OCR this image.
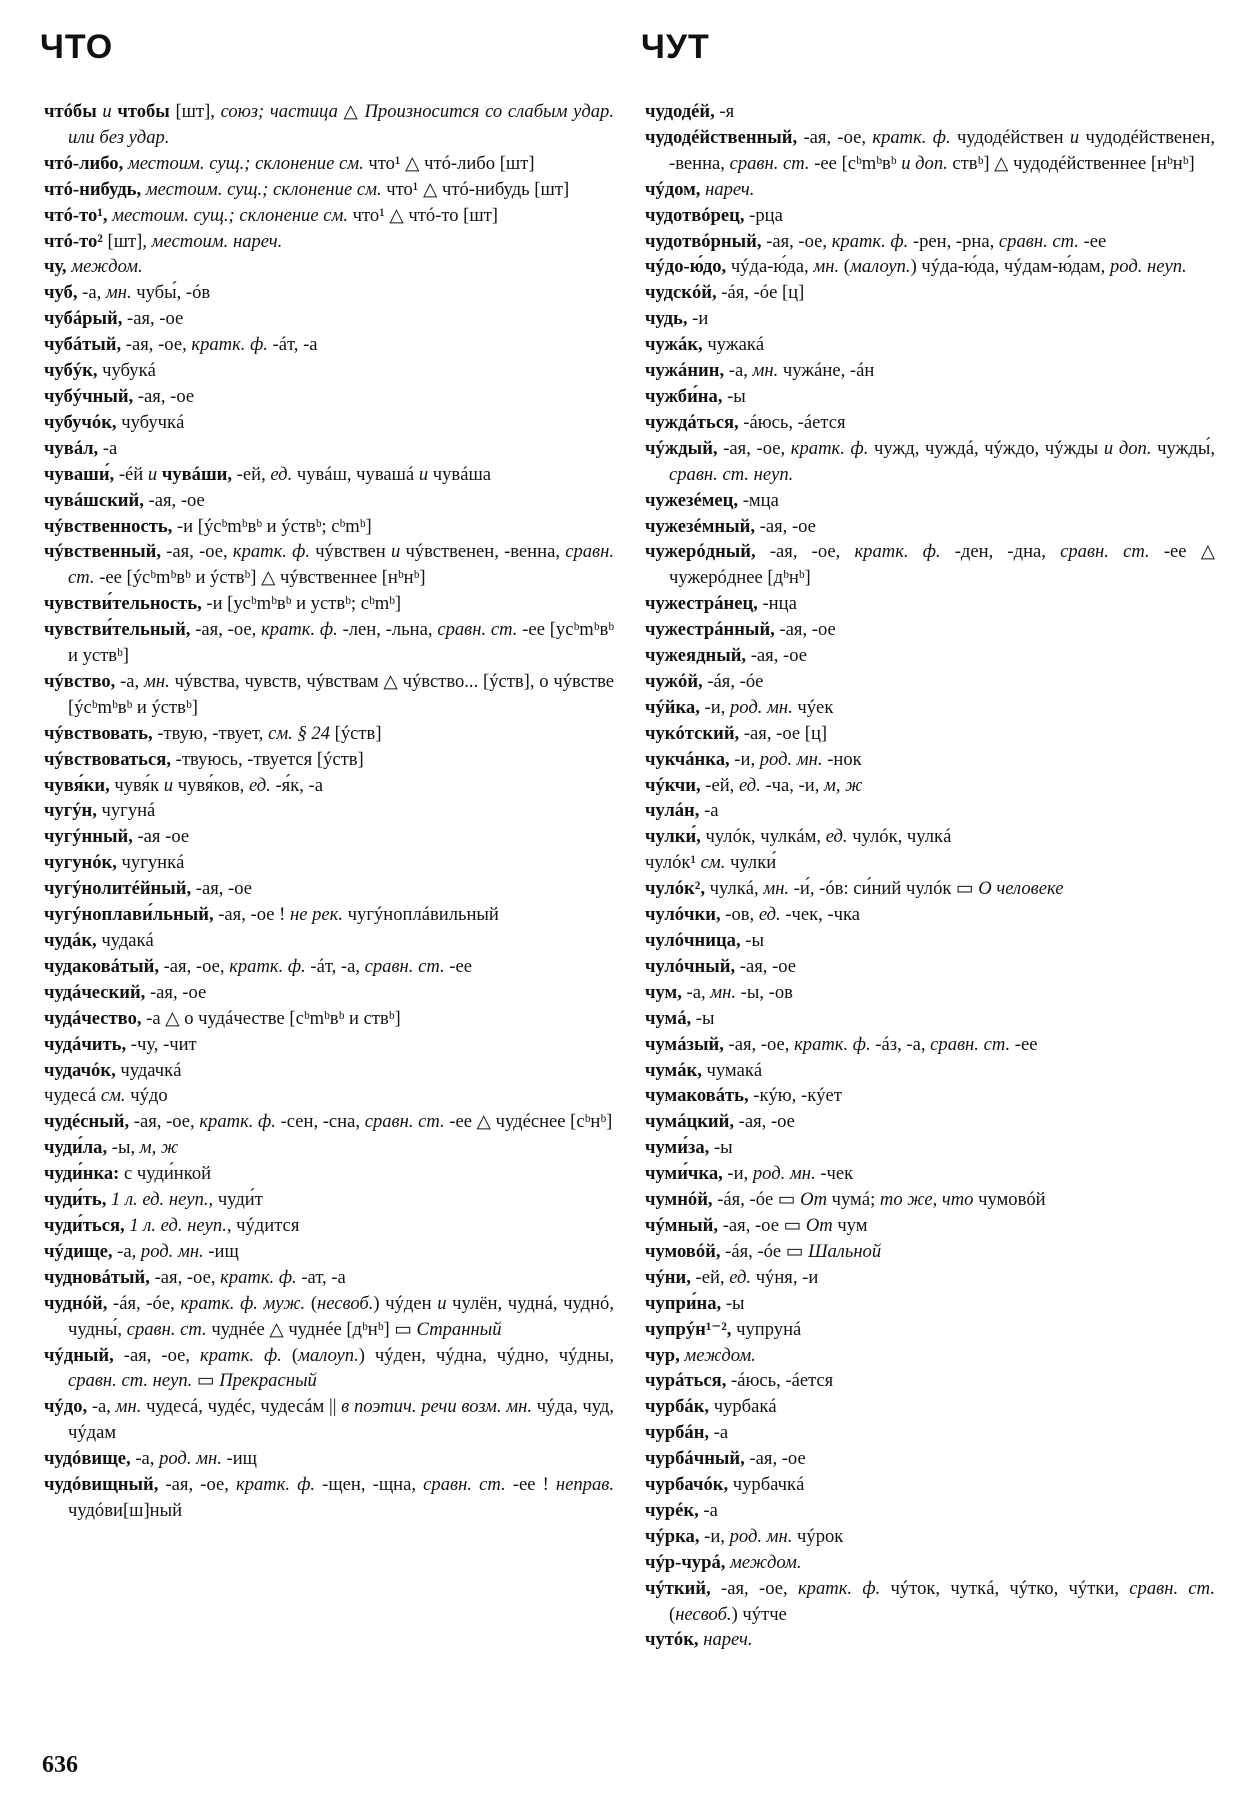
ЧТО	ЧУТ

чтóбы и чтобы [шт], союз; частица △ Произносится со слабым удар. или без удар.

чтó-либо, местоим. сущ.; склонение см. что¹ △ чтó-либо [шт]

чтó-нибудь, местоим. сущ.; склонение см. что¹ △ чтó-нибудь [шт]

чтó-то¹, местоим. сущ.; склонение см. что¹ △ чтó-то [шт]

чтó-то² [шт], местоим. нареч.

чу, междом.

чуб, -а, мн. чубы́, -óв

чубáрый, -ая, -ое

чубáтый, -ая, -ое, кратк. ф. -áт, -а

чубýк, чубукá

чубýчный, -ая, -ое

чубучóк, чубучкá

чувáл, -а

чуваши́, -éй и чувáши, -ей, ед. чувáш, чувашá и чувáша

чувáшский, -ая, -ое

чýвственность, -и [ýсᵇmᵇвᵇ и ýствᵇ; сᵇmᵇ]

чýвственный, -ая, -ое, кратк. ф. чýвствен и чýвственен, -венна, сравн. ст. -ее [ýсᵇmᵇвᵇ и ýствᵇ] △ чýвственнее [нᵇнᵇ]

чувстви́тельность, -и [усᵇmᵇвᵇ и уствᵇ; сᵇmᵇ]

чувстви́тельный, -ая, -ое, кратк. ф. -лен, -льна, сравн. ст. -ее [усᵇmᵇвᵇ и уствᵇ]

чýвство, -а, мн. чýвства, чувств, чýвствам △ чýвство... [ýств], о чýвстве [ýсᵇmᵇвᵇ и ýствᵇ]

чýвствовать, -твую, -твует, см. § 24 [ýств]

чýвствоваться, -твуюсь, -твуется [ýств]

чувя́ки, чувя́к и чувя́ков, ед. -я́к, -а

чугýн, чугунá

чугýнный, -ая -ое

чугунóк, чугункá

чугýнолитéйный, -ая, -ое

чугýноплави́льный, -ая, -ое ! не рек. чугýноплáвильный

чудáк, чудакá

чудаковáтый, -ая, -ое, кратк. ф. -áт, -а, сравн. ст. -ее

чудáческий, -ая, -ое

чудáчество, -а △ о чудáчестве [сᵇmᵇвᵇ и ствᵇ]

чудáчить, -чу, -чит

чудачóк, чудачкá

чудесá см. чýдо

чудéсный, -ая, -ое, кратк. ф. -сен, -сна, сравн. ст. -ее △ чудéснее [сᵇнᵇ]

чуди́ла, -ы, м, ж

чуди́нка: с чуди́нкой

чуди́ть, 1 л. ед. неуп., чуди́т

чуди́ться, 1 л. ед. неуп., чýдится

чýдище, -а, род. мн. -ищ

чудновáтый, -ая, -ое, кратк. ф. -ат, -а

чуднóй, -áя, -óе, кратк. ф. муж. (несвоб.) чýден и чулён, чуднá, чуднó, чудны́, сравн. ст. чуднéе △ чуднéе [дᵇнᵇ] ▭ Странный

чýдный, -ая, -ое, кратк. ф. (малоуп.) чýден, чýдна, чýдно, чýдны, сравн. ст. неуп. ▭ Прекрасный

чýдо, -а, мн. чудесá, чудéс, чудесáм || в поэтич. речи возм. мн. чýда, чуд, чýдам

чудóвище, -а, род. мн. -ищ

чудóвищный, -ая, -ое, кратк. ф. -щен, -щна, сравн. ст. -ее ! неправ. чудóви[ш]ный

чудодéй, -я

чудодéйственный, -ая, -ое, кратк. ф. чудодéйствен и чудодéйственен, -венна, сравн. ст. -ее [сᵇmᵇвᵇ и доп. ствᵇ] △ чудодéйственнее [нᵇнᵇ]

чýдом, нареч.

чудотвóрец, -рца

чудотвóрный, -ая, -ое, кратк. ф. -рен, -рна, сравн. ст. -ее

чýдо-ю́до, чýда-ю́да, мн. (малоуп.) чýда-ю́да, чýдам-ю́дам, род. неуп.

чудскóй, -áя, -óе [ц]

чудь, -и

чужáк, чужакá

чужáнин, -а, мн. чужáне, -áн

чужби́на, -ы

чуждáться, -áюсь, -áется

чýждый, -ая, -ое, кратк. ф. чужд, чуждá, чýждо, чýжды и доп. чужды́, сравн. ст. неуп.

чужезéмец, -мца

чужезéмный, -ая, -ое

чужерóдный, -ая, -ое, кратк. ф. -ден, -дна, сравн. ст. -ее △ чужерóднее [дᵇнᵇ]

чужестрáнец, -нца

чужестрáнный, -ая, -ое

чужеядный, -ая, -ое

чужóй, -áя, -óе

чýйка, -и, род. мн. чýек

чукóтский, -ая, -ое [ц]

чукчáнка, -и, род. мн. -нок

чýкчи, -ей, ед. -ча, -и, м, ж

чулáн, -а

чулки́, чулóк, чулкáм, ед. чулóк, чулкá

чулóк¹ см. чулки́

чулóк², чулкá, мн. -и́, -óв: си́ний чулóк ▭ О человеке

чулóчки, -ов, ед. -чек, -чка

чулóчница, -ы

чулóчный, -ая, -ое

чум, -а, мн. -ы, -ов

чумá, -ы

чумáзый, -ая, -ое, кратк. ф. -áз, -а, сравн. ст. -ее

чумáк, чумакá

чумаковáть, -кýю, -кýет

чумáцкий, -ая, -ое

чуми́за, -ы

чуми́чка, -и, род. мн. -чек

чумнóй, -áя, -óе ▭ От чумá; то же, что чумовóй

чýмный, -ая, -ое ▭ От чум

чумовóй, -áя, -óе ▭ Шальной

чýни, -ей, ед. чýня, -и

чупри́на, -ы

чупрýн¹⁻², чупрунá

чур, междом.

чурáться, -áюсь, -áется

чурбáк, чурбакá

чурбáн, -а

чурбáчный, -ая, -ое

чурбачóк, чурбачкá

чурéк, -а

чýрка, -и, род. мн. чýрок

чýр-чурá, междом.

чýткий, -ая, -ое, кратк. ф. чýток, чуткá, чýтко, чýтки, сравн. ст. (несвоб.) чýтче

чутóк, нареч.

636
